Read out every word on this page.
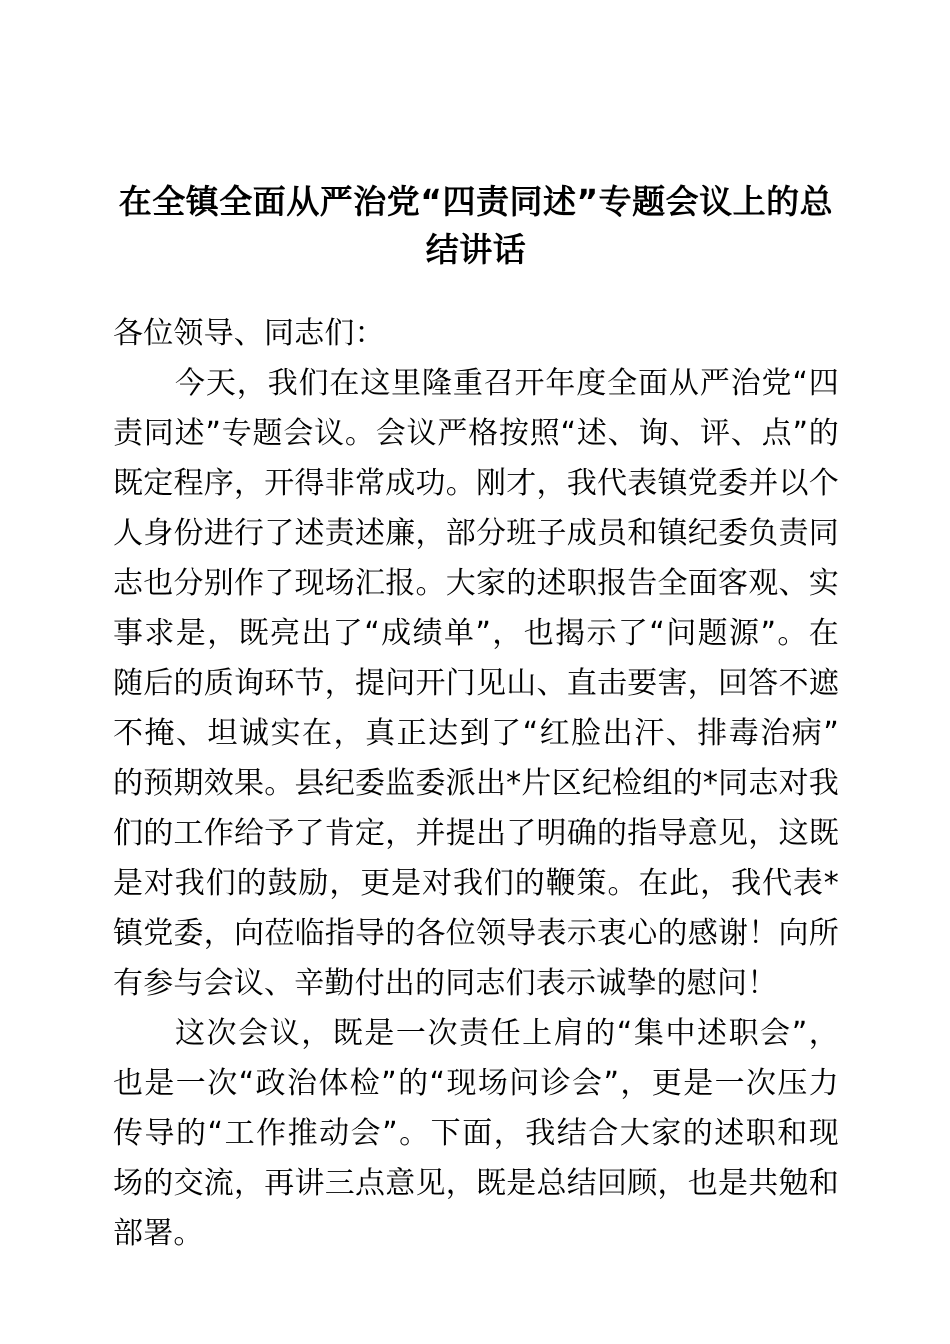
在全镇全面从严治党“四责同述”专题会议上的总结讲话

各位领导、同志们：

今天，我们在这里隆重召开年度全面从严治党“四责同述”专题会议。会议严格按照“述、询、评、点”的既定程序，开得非常成功。刚才，我代表镇党委并以个人身份进行了述责述廉，部分班子成员和镇纪委负责同志也分别作了现场汇报。大家的述职报告全面客观、实事求是，既亮出了“成绩单”，也揭示了“问题源”。在随后的质询环节，提问开门见山、直击要害，回答不遮不掩、坦诚实在，真正达到了“红脸出汗、排毒治病”的预期效果。县纪委监委派出*片区纪检组的*同志对我们的工作给予了肯定，并提出了明确的指导意见，这既是对我们的鼓励，更是对我们的鞭策。在此，我代表*镇党委，向莅临指导的各位领导表示衷心的感谢！向所有参与会议、辛勤付出的同志们表示诚挚的慰问！

这次会议，既是一次责任上肩的“集中述职会”，也是一次“政治体检”的“现场问诊会”，更是一次压力传导的“工作推动会”。下面，我结合大家的述职和现场的交流，再讲三点意见，既是总结回顾，也是共勉和部署。
